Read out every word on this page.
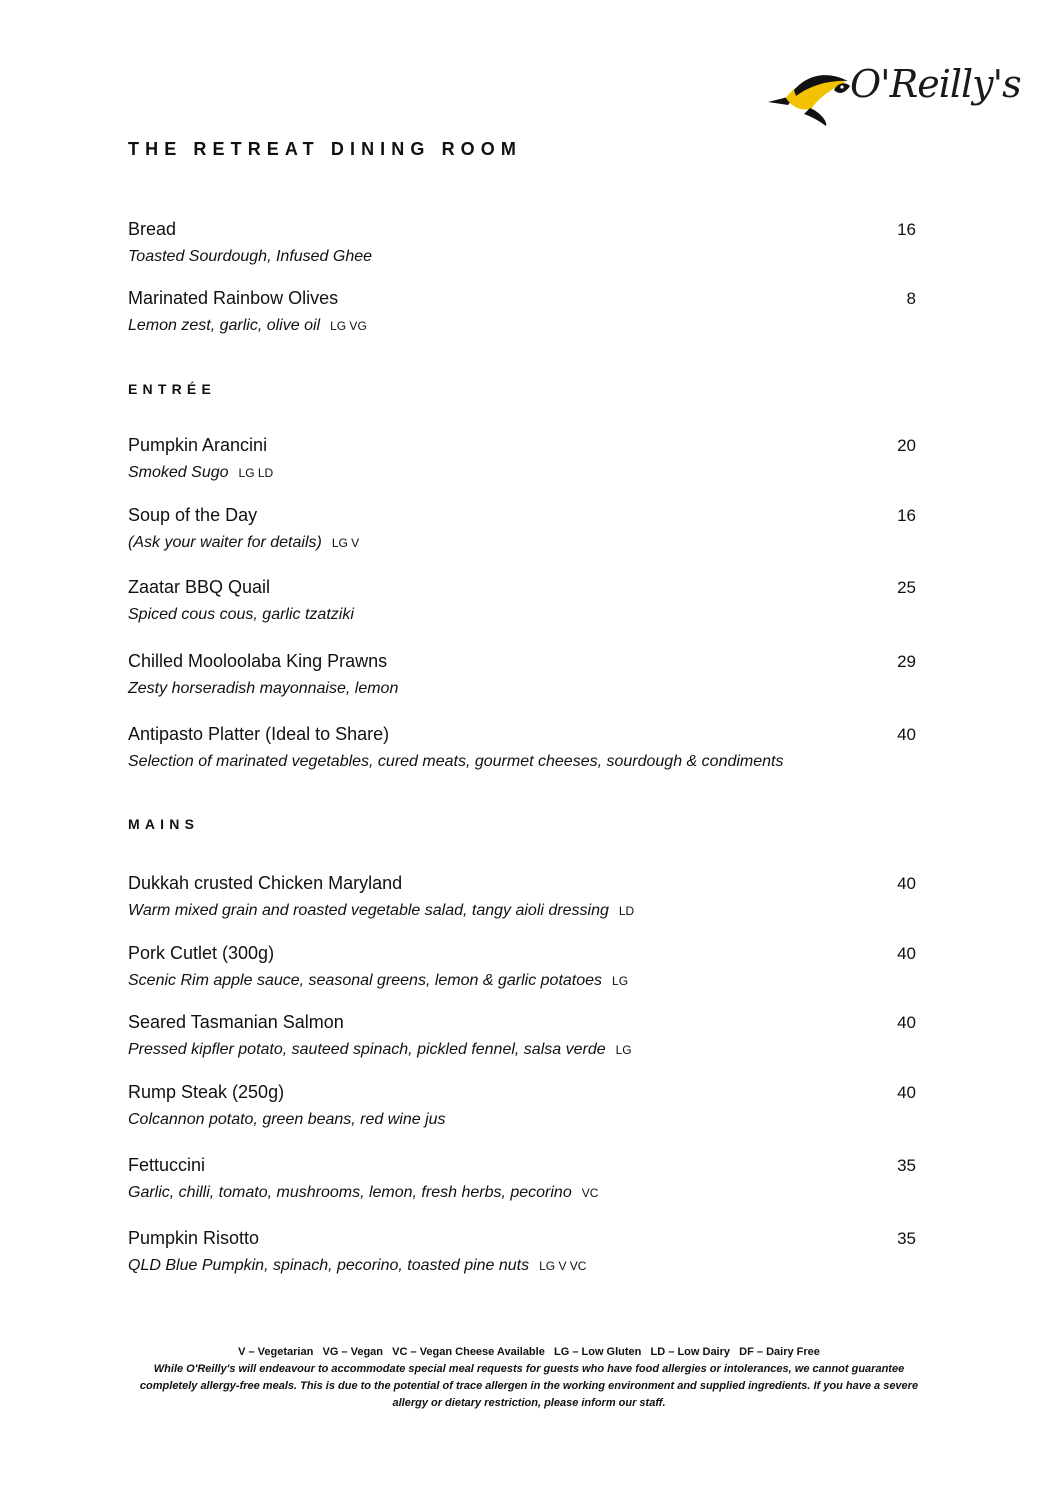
O'Reilly's
THE RETREAT DINING ROOM
Bread	16
Toasted Sourdough, Infused Ghee
Marinated Rainbow Olives	8
Lemon zest, garlic, olive oil LG VG
ENTRÉE
Pumpkin Arancini	20
Smoked Sugo LG LD
Soup of the Day	16
(Ask your waiter for details) LG V
Zaatar BBQ Quail	25
Spiced cous cous, garlic tzatziki
Chilled Mooloolaba King Prawns	29
Zesty horseradish mayonnaise, lemon
Antipasto Platter (Ideal to Share)	40
Selection of marinated vegetables, cured meats, gourmet cheeses, sourdough & condiments
MAINS
Dukkah crusted Chicken Maryland	40
Warm mixed grain and roasted vegetable salad, tangy aioli dressing LD
Pork Cutlet (300g)	40
Scenic Rim apple sauce, seasonal greens, lemon & garlic potatoes LG
Seared Tasmanian Salmon	40
Pressed kipfler potato, sauteed spinach, pickled fennel, salsa verde LG
Rump Steak (250g)	40
Colcannon potato, green beans, red wine jus
Fettuccini	35
Garlic, chilli, tomato, mushrooms, lemon, fresh herbs, pecorino VC
Pumpkin Risotto	35
QLD Blue Pumpkin, spinach, pecorino, toasted pine nuts LG V VC
V – Vegetarian   VG – Vegan   VC – Vegan Cheese Available   LG – Low Gluten   LD – Low Dairy   DF – Dairy Free
While O'Reilly's will endeavour to accommodate special meal requests for guests who have food allergies or intolerances, we cannot guarantee completely allergy-free meals. This is due to the potential of trace allergen in the working environment and supplied ingredients. If you have a severe allergy or dietary restriction, please inform our staff.
